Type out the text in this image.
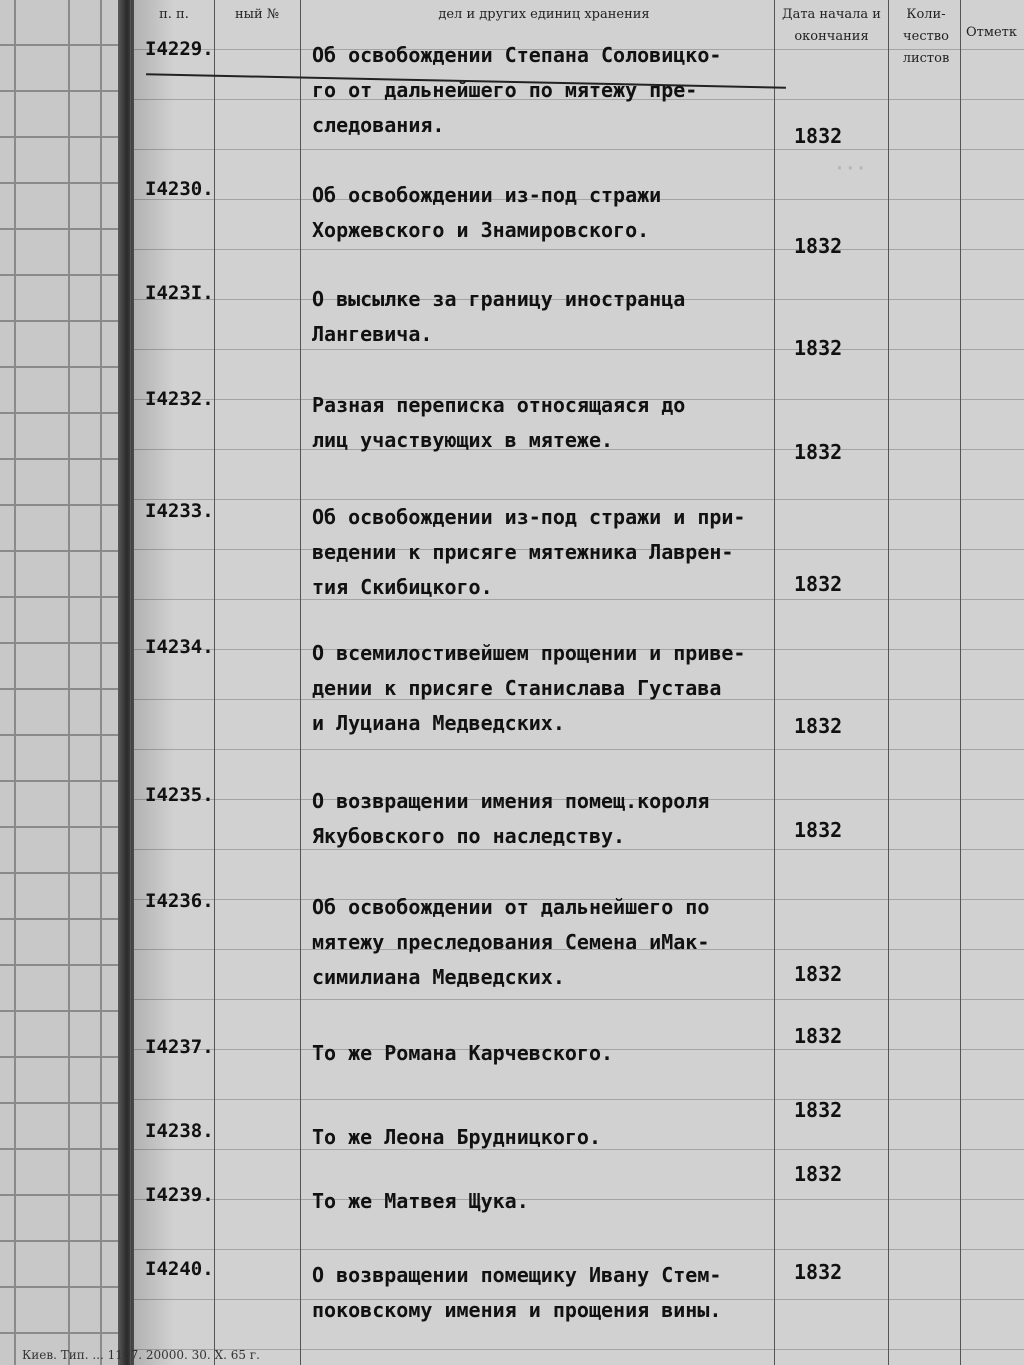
п. п.	ный №	дел и других единиц хранения	Дата начала и окончания
Коли- чество листов
Отметк
···
I4229.	Об освобождении Степана Соловицко-
го от дальнейшего по мятежу пре-
следования.	1832
I4230.	Об освобождении из-под стражи
Хоржевского и Знамировского.
1832
I423I.	О высылке за границу иностранца
Лангевича.
1832
I4232.	Разная переписка относящаяся до
лиц участвующих в мятеже.	1832
I4233.	Об освобождении из-под стражи и при-
ведении к присяге мятежника Лаврен-
тия Скибицкого.	1832
I4234.	О всемилостивейшем прощении и приве-
дении к присяге Станислава Густава
и Луциана Медведских.	1832
I4235.	О возвращении имения помещ.короля
Якубовского по наследству.	1832
I4236.	Об освобождении от дальнейшего по
мятежу преследования Семена иМак-
симилиана Медведских.	1832
I4237.	То же Романа Карчевского.
1832
I4238.	То же Леона Брудницкого.
1832
I4239.	То же Матвея Щука.
1832
I4240.	О возвращении помещику Ивану Стем-
поковскому имения и прощения вины.
1832
Киев. Тип. ... 1107. 20000. 30. X. 65 г.
